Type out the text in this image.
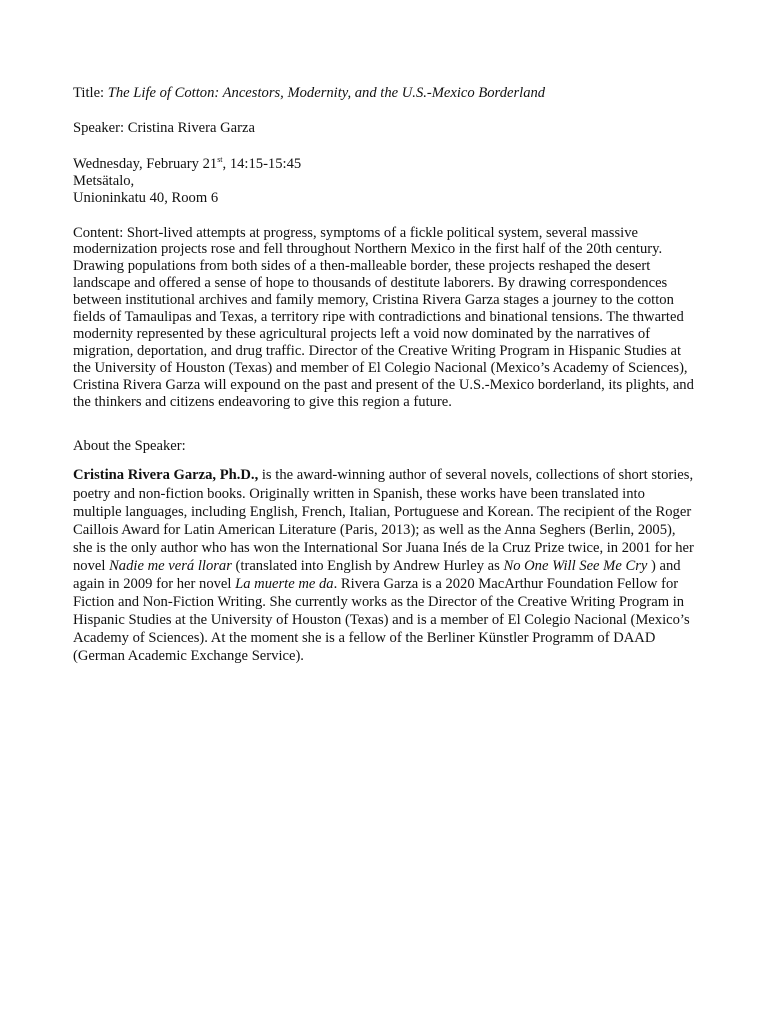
Title: The Life of Cotton: Ancestors, Modernity, and the U.S.-Mexico Borderland

Speaker: Cristina Rivera Garza

Wednesday, February 21st, 14:15-15:45

Metsätalo,

Unioninkatu 40, Room 6

Content: Short-lived attempts at progress, symptoms of a fickle political system, several massive modernization projects rose and fell throughout Northern Mexico in the first half of the 20th century. Drawing populations from both sides of a then-malleable border, these projects reshaped the desert landscape and offered a sense of hope to thousands of destitute laborers. By drawing correspondences between institutional archives and family memory, Cristina Rivera Garza stages a journey to the cotton fields of Tamaulipas and Texas, a territory ripe with contradictions and binational tensions. The thwarted modernity represented by these agricultural projects left a void now dominated by the narratives of migration, deportation, and drug traffic. Director of the Creative Writing Program in Hispanic Studies at the University of Houston (Texas) and member of El Colegio Nacional (Mexico’s Academy of Sciences), Cristina Rivera Garza will expound on the past and present of the U.S.-Mexico borderland, its plights, and the thinkers and citizens endeavoring to give this region a future.

About the Speaker:

Cristina Rivera Garza, Ph.D., is the award-winning author of several novels, collections of short stories, poetry and non-fiction books. Originally written in Spanish, these works have been translated into multiple languages, including English, French, Italian, Portuguese and Korean. The recipient of the Roger Caillois Award for Latin American Literature (Paris, 2013); as well as the Anna Seghers (Berlin, 2005), she is the only author who has won the International Sor Juana Inés de la Cruz Prize twice, in 2001 for her novel Nadie me verá llorar (translated into English by Andrew Hurley as No One Will See Me Cry ) and again in 2009 for her novel La muerte me da. Rivera Garza is a 2020 MacArthur Foundation Fellow for Fiction and Non-Fiction Writing. She currently works as the Director of the Creative Writing Program in Hispanic Studies at the University of Houston (Texas) and is a member of El Colegio Nacional (Mexico’s Academy of Sciences). At the moment she is a fellow of the Berliner Künstler Programm of DAAD (German Academic Exchange Service).
